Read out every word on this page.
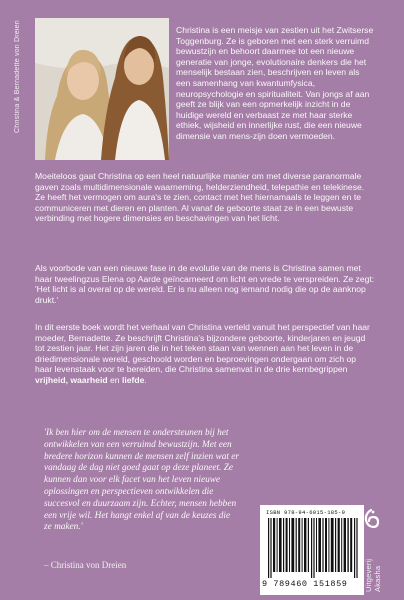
Christina & Bernadette von Dreien	Christina is een meisje van zestien uit het Zwitserse Toggenburg. Ze is geboren met een sterk verruimd bewustzijn en behoort daarmee tot een nieuwe generatie van jonge, evolutionaire denkers die het menselijk bestaan zien, beschrijven en leven als een samenhang van kwantumfysica, neuropsychologie en spiritualiteit. Van jongs af aan geeft ze blijk van een opmerkelijk inzicht in de huidige wereld en verbaast ze met haar sterke ethiek, wijsheid en innerlijke rust, die een nieuwe dimensie van mens-zijn doen vermoeden.

Moeiteloos gaat Christina op een heel natuurlijke manier om met diverse paranormale gaven zoals multidimensionale waarneming, helderziendheid, telepathie en telekinese. Ze heeft het vermogen om aura's te zien, contact met het hiernamaals te leggen en te communiceren met dieren en planten. Al vanaf de geboorte staat ze in een bewuste verbinding met hogere dimensies en beschavingen van het licht.

Als voorbode van een nieuwe fase in de evolutie van de mens is Christina samen met haar tweelingzus Elena op Aarde geïncarneerd om licht en vrede te verspreiden. Ze zegt: 'Het licht is al overal op de wereld. Er is nu alleen nog iemand nodig die op de aanknop drukt.'

In dit eerste boek wordt het verhaal van Christina verteld vanuit het perspectief van haar moeder, Bernadette. Ze beschrijft Christina's bijzondere geboorte, kinderjaren en jeugd tot zestien jaar. Het zijn jaren die in het teken staan van wennen aan het leven in de driedimensionale wereld, geschoold worden en beproevingen ondergaan om zich op haar levenstaak voor te bereiden, die Christina samenvat in de drie kernbegrippen vrijheid, waarheid en liefde.

'Ik ben hier om de mensen te ondersteunen bij het ontwikkelen van een verruimd bewustzijn. Met een bredere horizon kunnen de mensen zelf inzien wat er vandaag de dag niet goed gaat op deze planeet. Ze kunnen dan voor elk facet van het leven nieuwe oplossingen en perspectieven ontwikkelen die succesvol en duurzaam zijn. Echter, mensen hebben een vrije wil. Het hangt enkel af van de keuzes die ze maken.'

– Christina von Dreien
ISBN 978-94-6015-185-9
9 789460 151859	Uitgeverij Akasha
